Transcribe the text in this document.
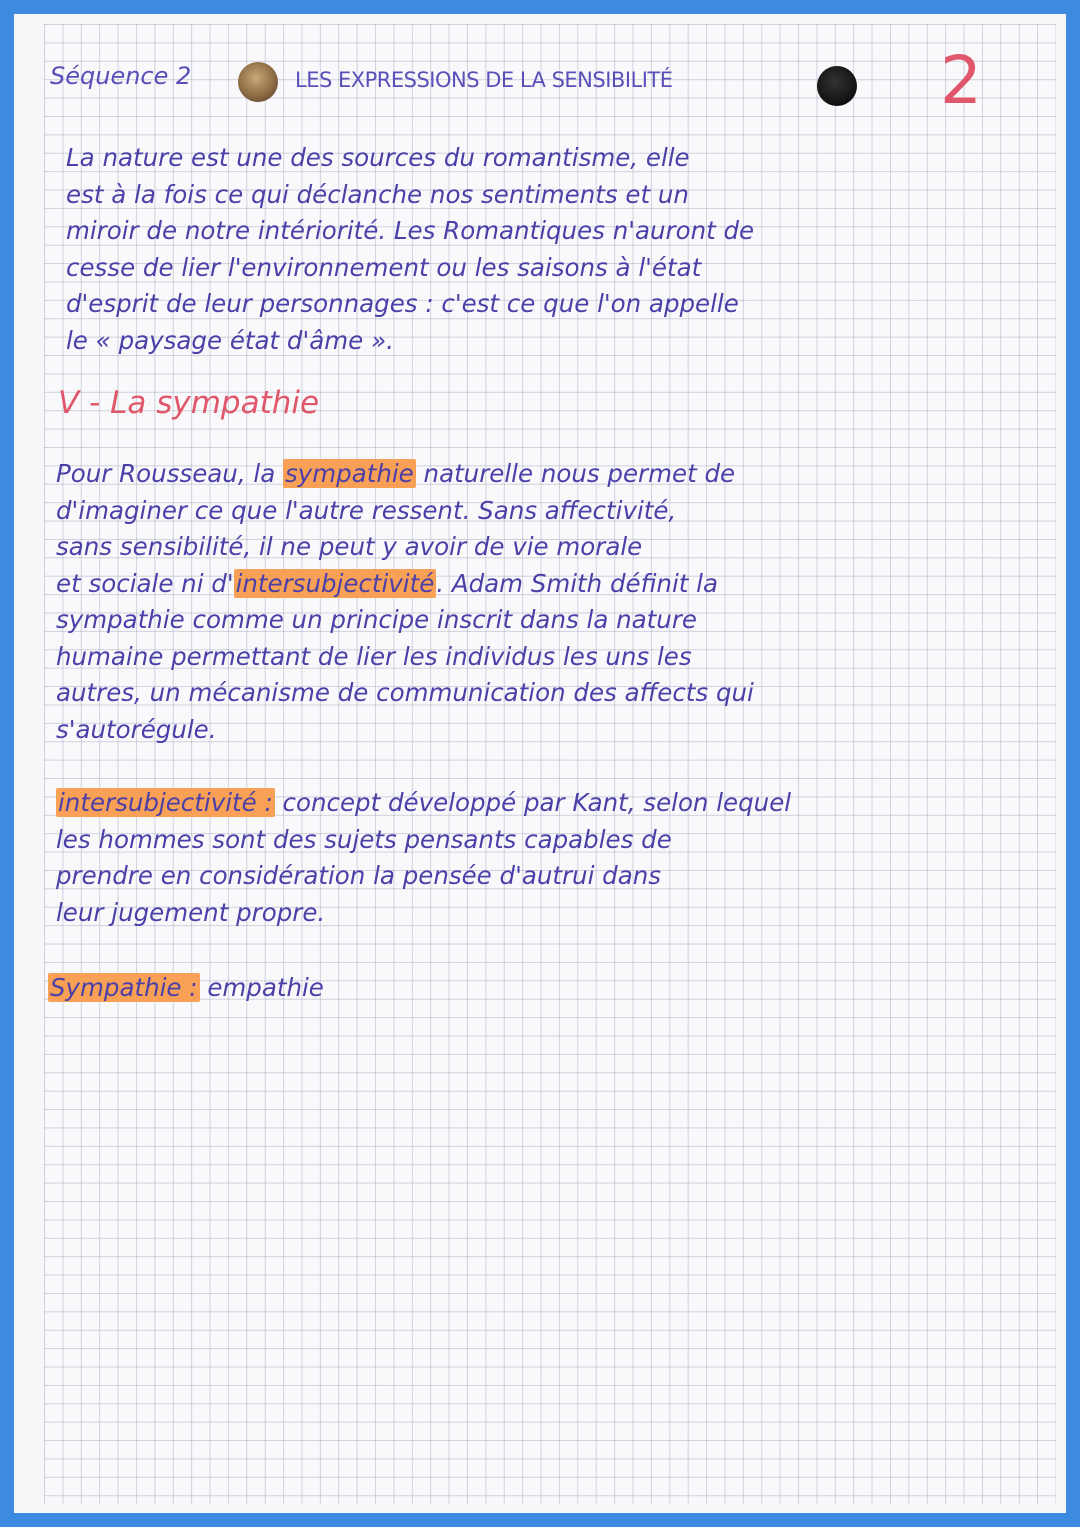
Séquence 2	LES EXPRESSIONS DE LA SENSIBILITÉ	2

La nature est une des sources du romantisme, elle
est à la fois ce qui déclanche nos sentiments et un
miroir de notre intériorité. Les Romantiques n'auront de
cesse de lier l'environnement ou les saisons à l'état
d'esprit de leur personnages : c'est ce que l'on appelle
le « paysage état d'âme ».

V - La sympathie

Pour Rousseau, la sympathie naturelle nous permet de
d'imaginer ce que l'autre ressent. Sans affectivité,
sans sensibilité, il ne peut y avoir de vie morale
et sociale ni d'intersubjectivité. Adam Smith définit la
sympathie comme un principe inscrit dans la nature
humaine permettant de lier les individus les uns les
autres, un mécanisme de communication des affects qui
s'autorégule.
intersubjectivité : concept développé par Kant, selon lequel
les hommes sont des sujets pensants capables de
prendre en considération la pensée d'autrui dans
leur jugement propre.
Sympathie : empathie
